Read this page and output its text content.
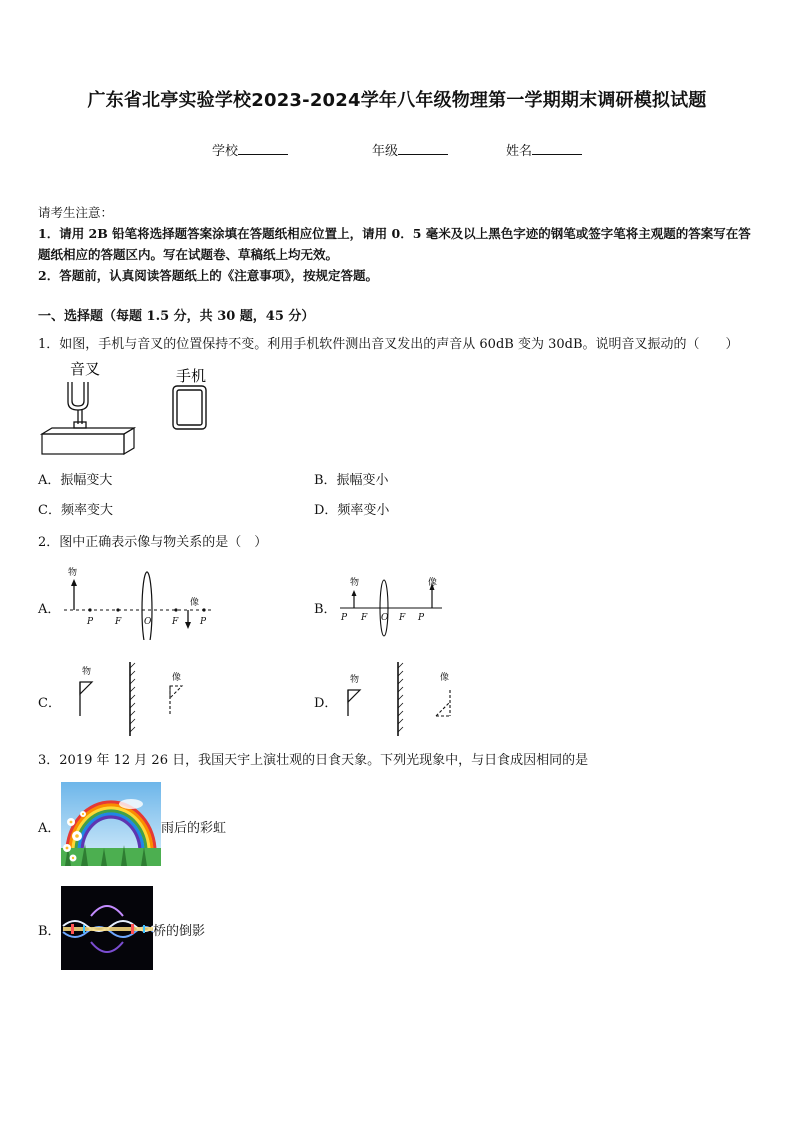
广东省北亭实验学校2023-2024学年八年级物理第一学期期末调研模拟试题
学校	年级	姓名
请考生注意：
1．请用 2B 铅笔将选择题答案涂填在答题纸相应位置上，请用 0．5 毫米及以上黑色字迹的钢笔或签字笔将主观题的答案写在答题纸相应的答题区内。写在试题卷、草稿纸上均无效。
2．答题前，认真阅读答题纸上的《注意事项》，按规定答题。
一、选择题（每题 1.5 分，共 30 题，45 分）
1．如图，手机与音叉的位置保持不变。利用手机软件测出音叉发出的声音从 60dB 变为 30dB。说明音叉振动的（　　）
音叉	手机
A．振幅变大	B．振幅变小
C．频率变大	D．频率变小
2．图中正确表示像与物关系的是（　）
A．
物
像
P F	O F P
B．
物	像
P F O F P
C．
物
像
D．
物	像
3．2019 年 12 月 26 日，我国天宇上演壮观的日食天象。下列光现象中，与日食成因相同的是
A．	雨后的彩虹
B．	桥的倒影
